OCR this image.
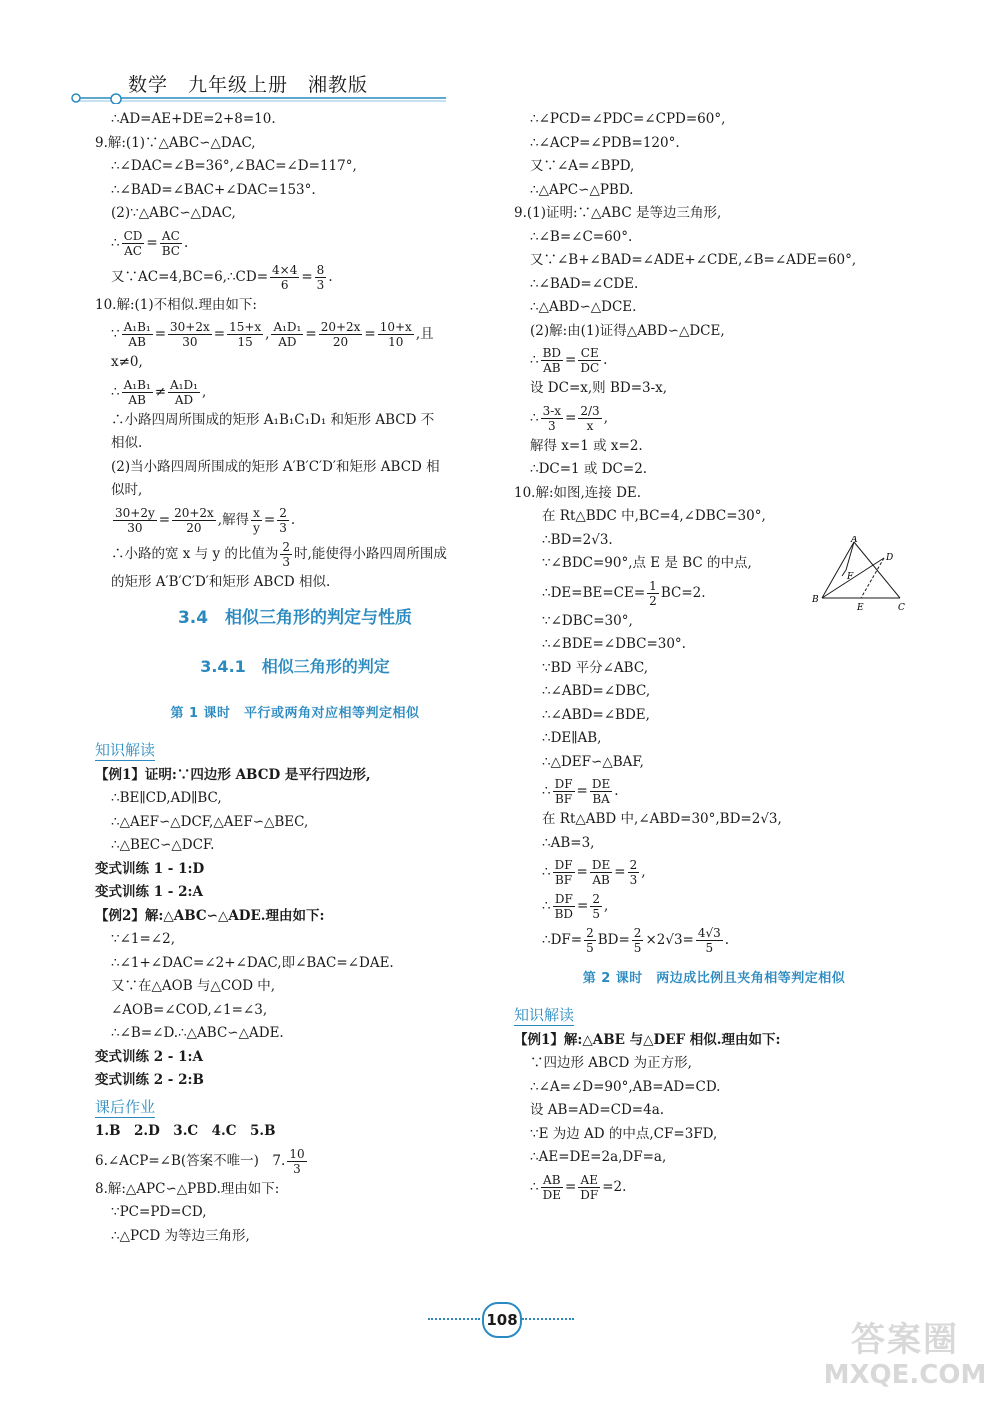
数学　九年级上册　湘教版
∴AD=AE+DE=2+8=10.
9.解:(1)∵△ABC∽△DAC,
∴∠DAC=∠B=36°,∠BAC=∠D=117°,
∴∠BAD=∠BAC+∠DAC=153°.
(2)∵△ABC∽△DAC,
∴ $\frac{CD}{AC} = \frac{AC}{BC}$ .
又∵AC=4,BC=6,∴CD= $\frac{4\times 4}{6} = \frac{8}{3}$ .
10.解:(1)不相似.理由如下:
∵ $\frac{\text{A₁B₁}}{AB} = \frac{30+2x}{30} = \frac{15+x}{15}$ , $\frac{\text{A₁D₁}}{AD} = \frac{20+2x}{20} = \frac{10+x}{10}$ ,且
x≠0,
∴ $\frac{\text{A₁B₁}}{AB} \ne \frac{\text{A₁D₁}}{AD}$ ,
∴小路四周所围成的矩形 A₁B₁C₁D₁ 和矩形 ABCD 不
相似.
(2)当小路四周所围成的矩形 A′B′C′D′和矩形 ABCD 相
似时,
$\frac{30+2y}{30} = \frac{20+2x}{20}$ ,解得 $\frac{x}{y} = \frac{2}{3}$ .
∴小路的宽 x 与 y 的比值为 $\frac{2}{3}$ 时,能使得小路四周所围成
的矩形 A′B′C′D′和矩形 ABCD 相似.
3.4　相似三角形的判定与性质
3.4.1　相似三角形的判定
第 1 课时　平行或两角对应相等判定相似
知识解读
【例1】证明:∵四边形 ABCD 是平行四边形,
∴BE∥CD,AD∥BC,
∴△AEF∽△DCF,△AEF∽△BEC,
∴△BEC∽△DCF.
变式训练 1 - 1:D
变式训练 1 - 2:A
【例2】解:△ABC∽△ADE.理由如下:
∵∠1=∠2,
∴∠1+∠DAC=∠2+∠DAC,即∠BAC=∠DAE.
又∵在△AOB 与△COD 中,
∠AOB=∠COD,∠1=∠3,
∴∠B=∠D.∴△ABC∽△ADE.
变式训练 2 - 1:A
变式训练 2 - 2:B
课后作业
1.B　2.D　3.C　4.C　5.B
6.∠ACP=∠B(答案不唯一)　7. $\frac{10}{3}$
8.解:△APC∽△PBD.理由如下:
∵PC=PD=CD,
∴△PCD 为等边三角形,
∴∠PCD=∠PDC=∠CPD=60°,
∴∠ACP=∠PDB=120°.
又∵∠A=∠BPD,
∴△APC∽△PBD.
9.(1)证明:∵△ABC 是等边三角形,
∴∠B=∠C=60°.
又∵∠B+∠BAD=∠ADE+∠CDE,∠B=∠ADE=60°,
∴∠BAD=∠CDE.
∴△ABD∽△DCE.
(2)解:由(1)证得△ABD∽△DCE,
∴ $\frac{BD}{AB} = \frac{CE}{DC}$ .
设 DC=x,则 BD=3-x,
∴ $\frac{3-x}{3} = \frac{2/3}{x}$ ,
解得 x=1 或 x=2.
∴DC=1 或 DC=2.
10.解:如图,连接 DE.
在 Rt△BDC 中,BC=4,∠DBC=30°,
∴BD=2√3.
∵∠BDC=90°,点 E 是 BC 的中点,
∴DE=BE=CE= $\frac{1}{2} BC=2$.
∵∠DBC=30°,
∴∠BDE=∠DBC=30°.
∵BD 平分∠ABC,
∴∠ABD=∠DBC,
∴∠ABD=∠BDE,
∴DE∥AB,
∴△DEF∽△BAF,
∴ $\frac{DF}{BF} = \frac{DE}{BA}$ .
在 Rt△ABD 中,∠ABD=30°,BD=2√3,
∴AB=3,
∴ $\frac{DF}{BF} = \frac{DE}{AB} = \frac{2}{3}$ ,
∴ $\frac{DF}{BD} = \frac{2}{5}$ ,
∴DF= $\frac{2}{5} BD= \frac{2}{5} \times 2√3= \frac{4√3}{5}$ .
第 2 课时　两边成比例且夹角相等判定相似
知识解读
【例1】解:△ABE 与△DEF 相似.理由如下:
∵四边形 ABCD 为正方形,
∴∠A=∠D=90°,AB=AD=CD.
设 AB=AD=CD=4a.
∵E 为边 AD 的中点,CF=3FD,
∴AE=DE=2a,DF=a,
∴ $\frac{AB}{DE} = \frac{AE}{DF} =2$.
A
B
C
D
E
F
108	答案圈
MXQE.COM
